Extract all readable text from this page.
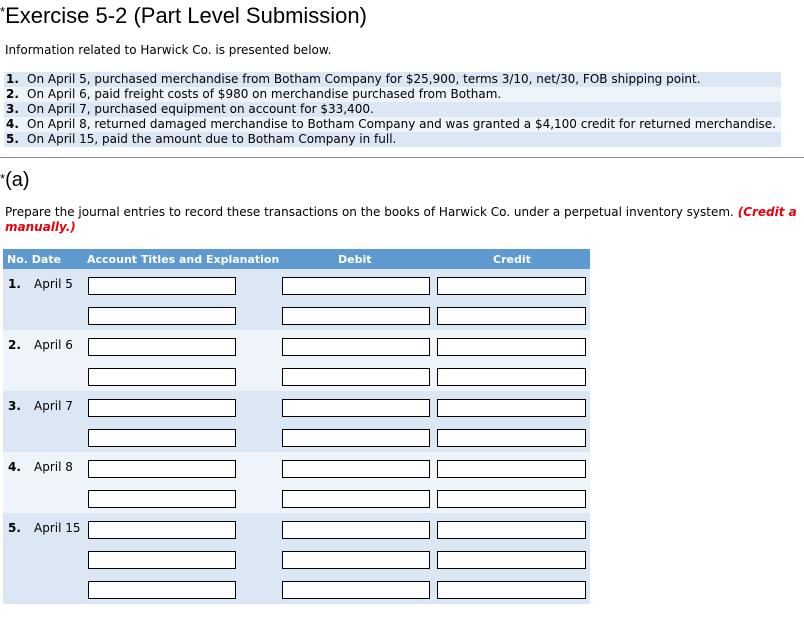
*Exercise 5-2 (Part Level Submission)
Information related to Harwick Co. is presented below.
1. On April 5, purchased merchandise from Botham Company for $25,900, terms 3/10, net/30, FOB shipping point.
2. On April 6, paid freight costs of $980 on merchandise purchased from Botham.
3. On April 7, purchased equipment on account for $33,400.
4. On April 8, returned damaged merchandise to Botham Company and was granted a $4,100 credit for returned merchandise.
5. On April 15, paid the amount due to Botham Company in full.
*(a)
Prepare the journal entries to record these transactions on the books of Harwick Co. under a perpetual inventory system. (Credit a
manually.)
No. Date Account Titles and Explanation	Debit	Credit
1. April 5
2. April 6
3. April 7
4. April 8
5. April 15
